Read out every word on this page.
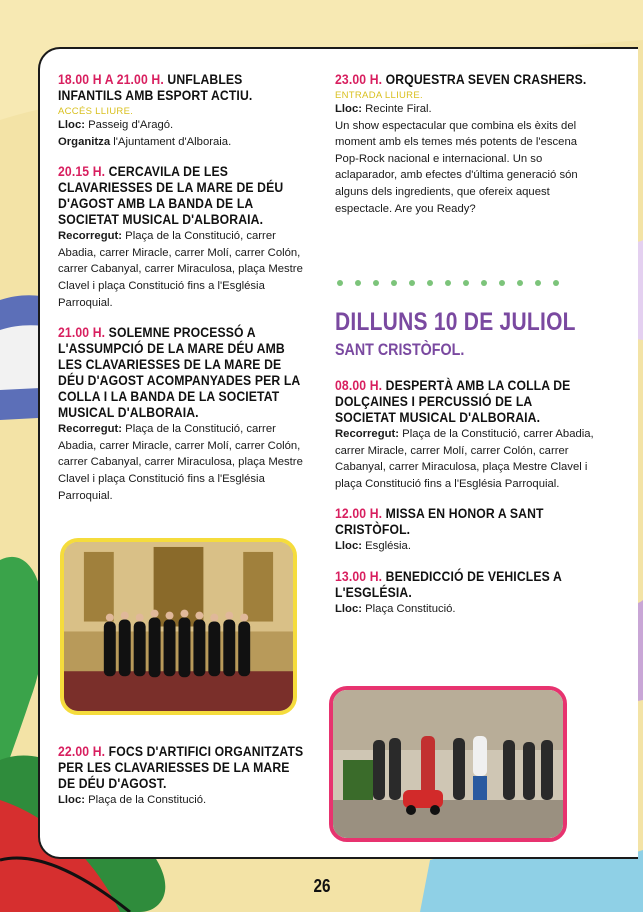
18.00 H A 21.00 H. UNFLABLES INFANTILS AMB ESPORT ACTIU.
ACCÉS LLIURE.
Lloc: Passeig d'Aragó.
Organitza l'Ajuntament d'Alboraia.
20.15 H. CERCAVILA DE LES CLAVARIESSES DE LA MARE DE DÉU D'AGOST AMB LA BANDA DE LA SOCIETAT MUSICAL D'ALBORAIA.
Recorregut: Plaça de la Constitució, carrer Abadia, carrer Miracle, carrer Molí, carrer Colón, carrer Cabanyal, carrer Miraculosa, plaça Mestre Clavel i plaça Constitució fins a l'Església Parroquial.
21.00 H. SOLEMNE PROCESSÓ A L'ASSUMPCIÓ DE LA MARE DÉU AMB LES CLAVARIESSES DE LA MARE DE DÉU D'AGOST ACOMPANYADES PER LA COLLA I LA BANDA DE LA SOCIETAT MUSICAL D'ALBORAIA.
Recorregut: Plaça de la Constitució, carrer Abadia, carrer Miracle, carrer Molí, carrer Colón, carrer Cabanyal, carrer Miraculosa, plaça Mestre Clavel i plaça Constitució fins a l'Església Parroquial.
22.00 H. FOCS D'ARTIFICI ORGANITZATS PER LES CLAVARIESSES DE LA MARE DE DÉU D'AGOST.
Lloc: Plaça de la Constitució.
23.00 H. ORQUESTRA SEVEN CRASHERS.
ENTRADA LLIURE.
Lloc: Recinte Firal.
Un show espectacular que combina els èxits del moment amb els temes més potents de l'escena Pop-Rock nacional e internacional. Un so aclaparador, amb efectes d'última generació són alguns dels ingredients, que ofereix aquest espectacle. Are you Ready?
DILLUNS 10 DE JULIOL
SANT CRISTÒFOL.
08.00 H. DESPERTÀ AMB LA COLLA DE DOLÇAINES I PERCUSSIÓ DE LA SOCIETAT MUSICAL D'ALBORAIA.
Recorregut: Plaça de la Constitució, carrer Abadia, carrer Miracle, carrer Molí, carrer Colón, carrer Cabanyal, carrer Miraculosa, plaça Mestre Clavel i plaça Constitució fins a l'Església Parroquial.
12.00 H. MISSA EN HONOR A SANT CRISTÒFOL.
Lloc: Església.
13.00 H. BENEDICCIÓ DE VEHICLES A L'ESGLÉSIA.
Lloc: Plaça Constitució.
26
